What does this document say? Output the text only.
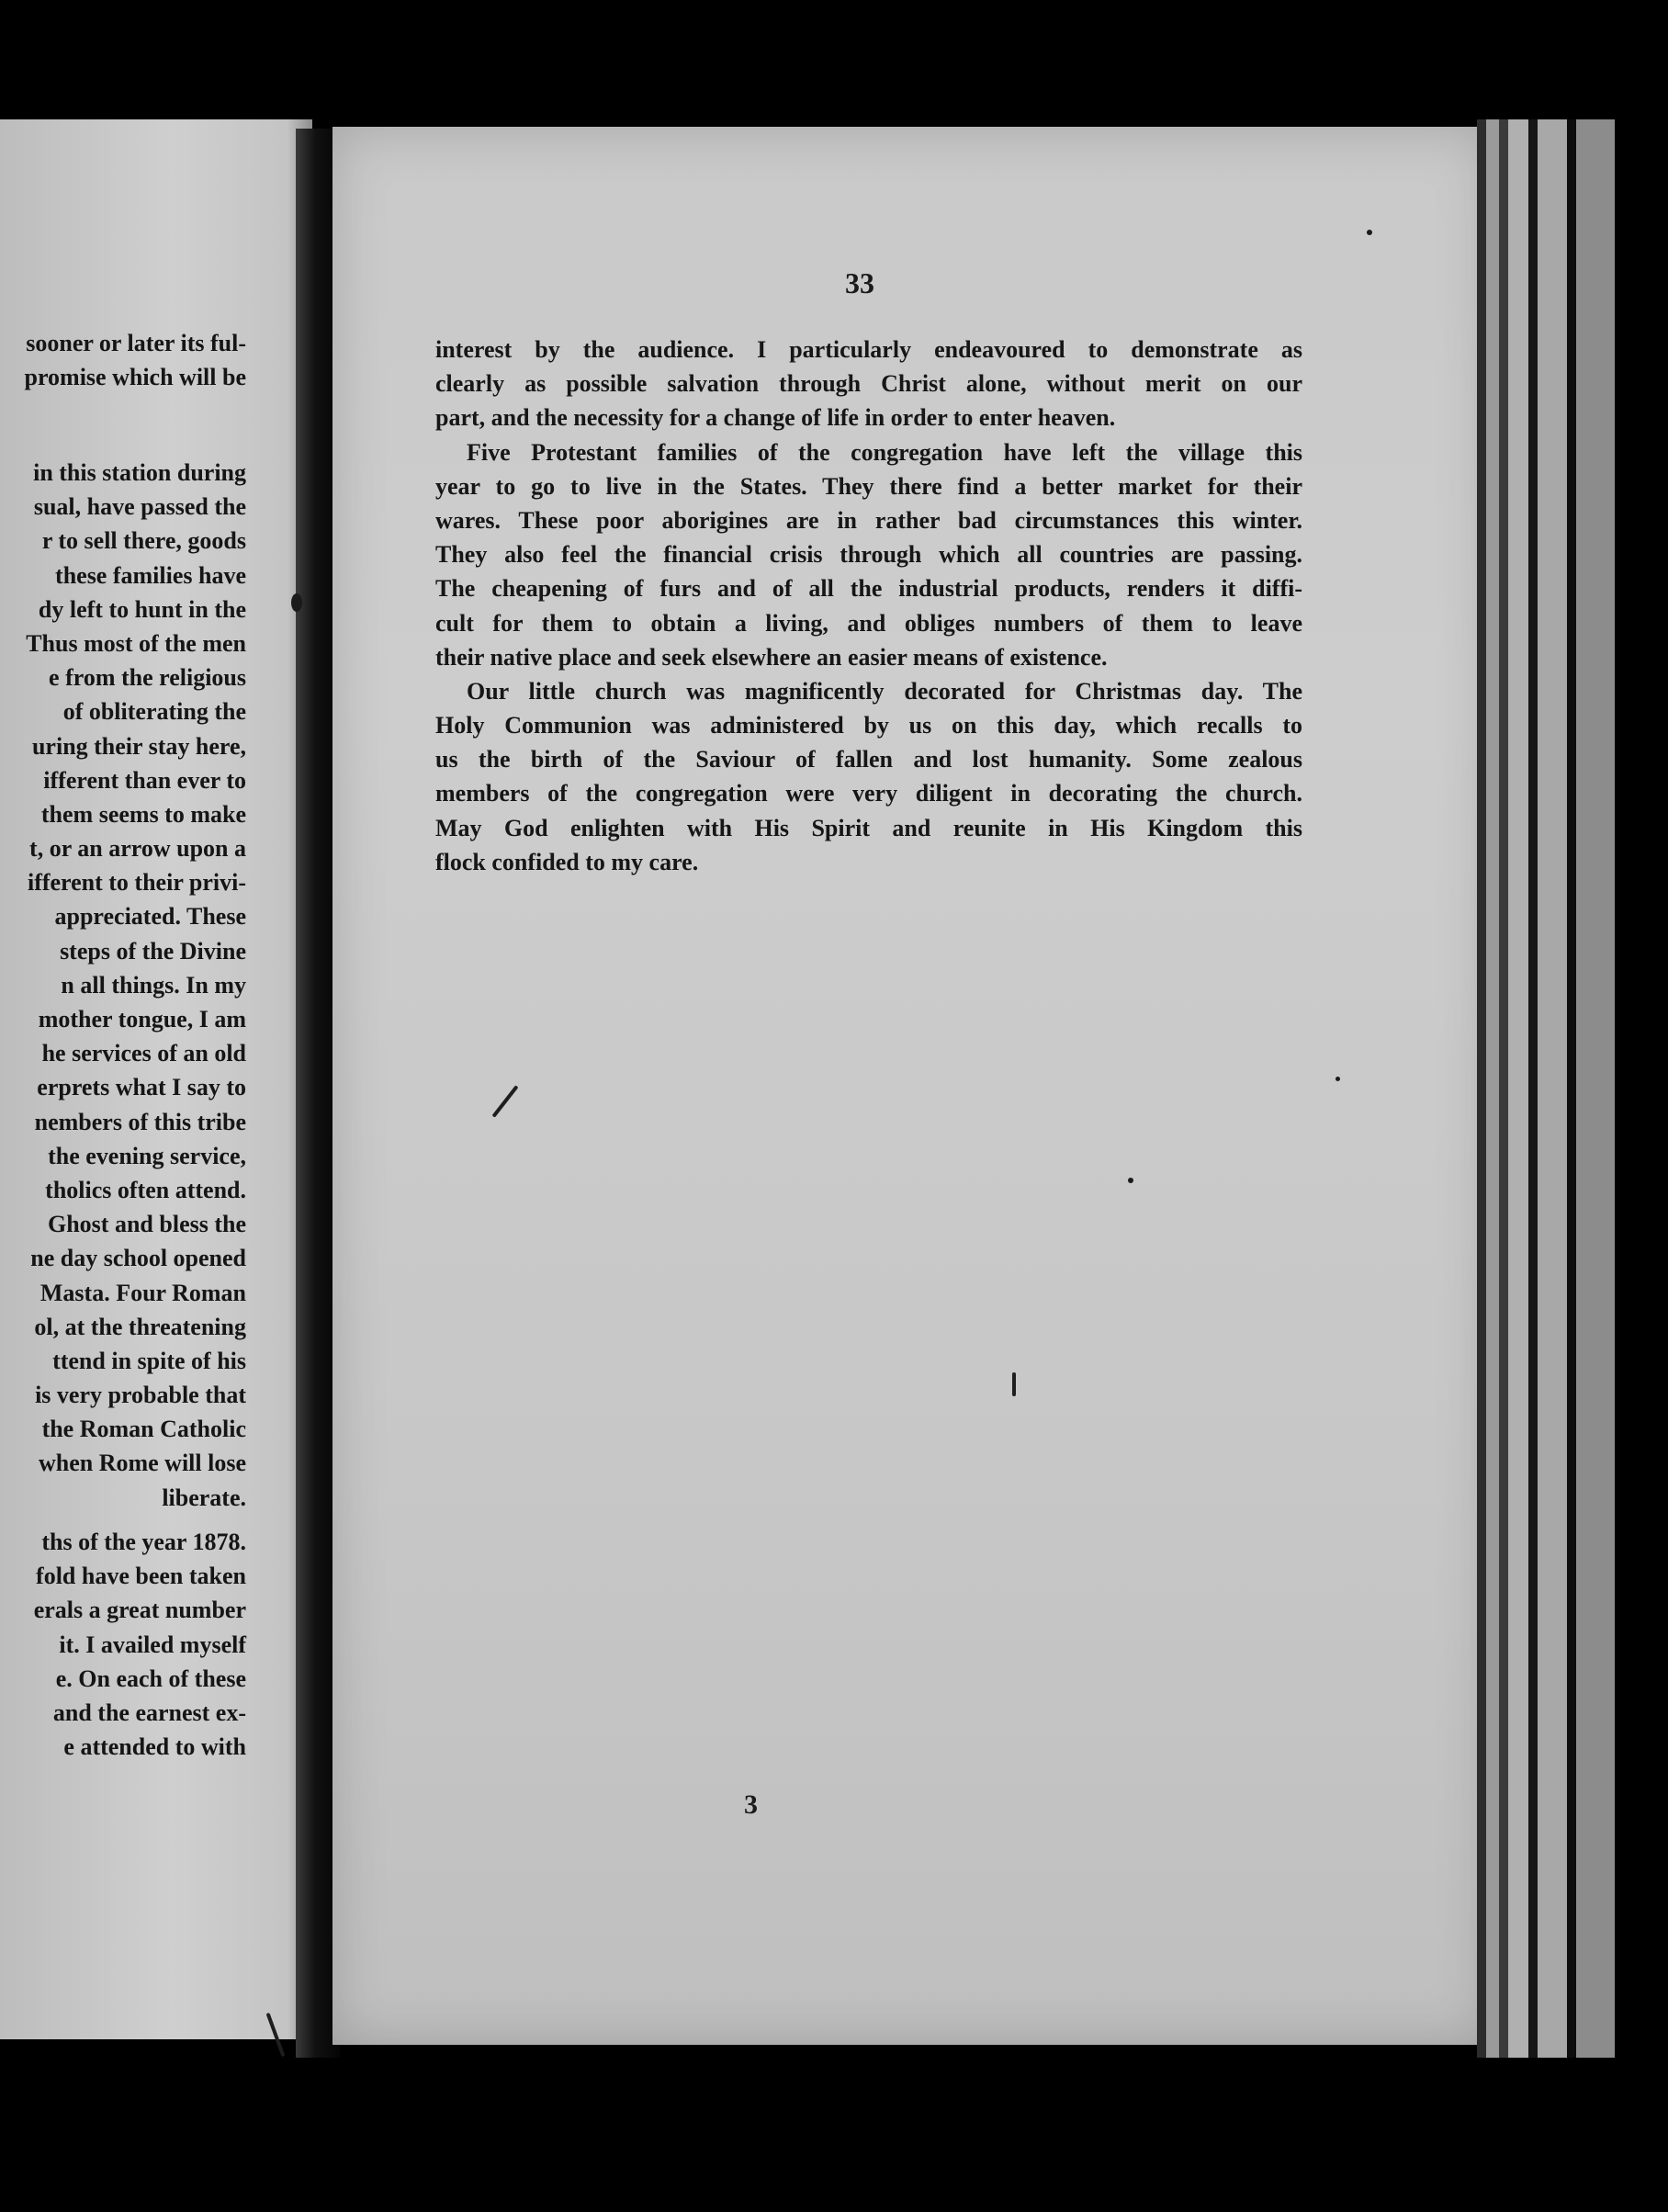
sooner or later its ful-
promise which will be
in this station during
sual, have passed the
r to sell there, goods
these families have
dy left to hunt in the
Thus most of the men
e from the religious
of obliterating the
uring their stay here,
ifferent than ever to
them seems to make
t, or an arrow upon a
ifferent to their privi-
appreciated. These
steps of the Divine
n all things. In my
mother tongue, I am
he services of an old
erprets what I say to
nembers of this tribe
the evening service,
tholics often attend.
Ghost and bless the
ne day school opened
Masta. Four Roman
ol, at the threatening
ttend in spite of his
is very probable that
the Roman Catholic
when Rome will lose
liberate.
ths of the year 1878.
fold have been taken
erals a great number
it. I availed myself
e. On each of these
and the earnest ex-
e attended to with
33
interest by the audience. I particularly endeavoured to demonstrate as
clearly as possible salvation through Christ alone, without merit on our
part, and the necessity for a change of life in order to enter heaven.
Five Protestant families of the congregation have left the village this
year to go to live in the States. They there find a better market for their
wares. These poor aborigines are in rather bad circumstances this winter.
They also feel the financial crisis through which all countries are passing.
The cheapening of furs and of all the industrial products, renders it diffi-
cult for them to obtain a living, and obliges numbers of them to leave
their native place and seek elsewhere an easier means of existence.
Our little church was magnificently decorated for Christmas day. The
Holy Communion was administered by us on this day, which recalls to
us the birth of the Saviour of fallen and lost humanity. Some zealous
members of the congregation were very diligent in decorating the church.
May God enlighten with His Spirit and reunite in His Kingdom this
flock confided to my care.
3
